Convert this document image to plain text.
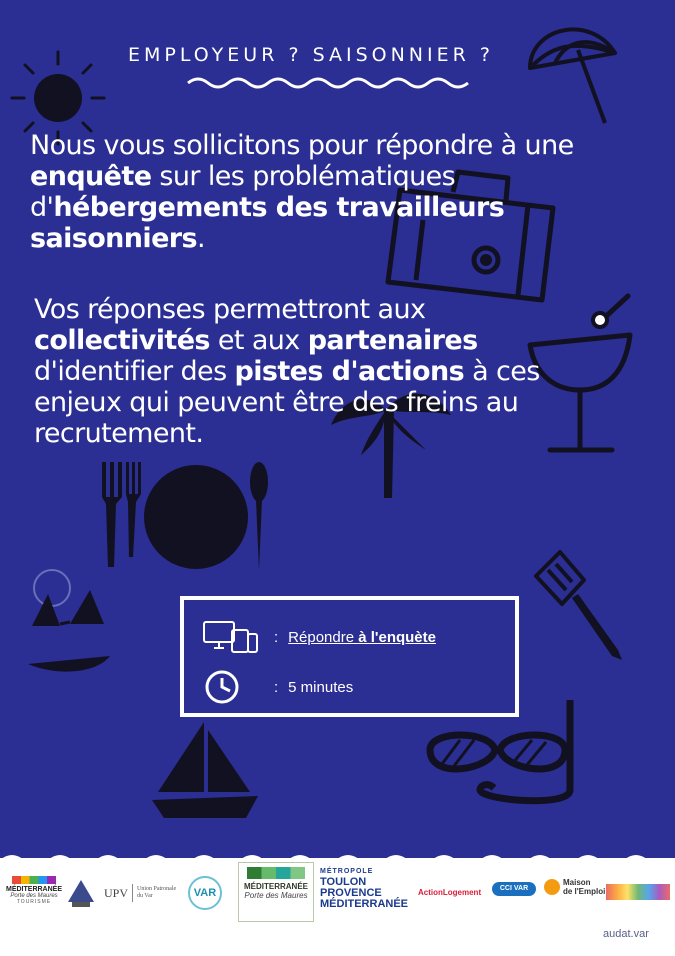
EMPLOYEUR ? SAISONNIER ?

Nous vous sollicitons pour répondre à une enquête sur les problématiques d'hébergements des travailleurs saisonniers.

Vos réponses permettront aux collectivités et aux partenaires d'identifier des pistes d'actions à ces enjeux qui peuvent être des freins au recrutement.

: Répondre à l'enquète
: 5 minutes
MÉDITERRANÉE
Porte des Maures
TOURISME
UPV Union Patronale du Var	VAR
MÉDITERRANÉE
Porte des Maures
MÉTROPOLE
TOULON
PROVENCE
MÉDITERRANÉE
ActionLogement	CCI VAR
Maison
de l'Emploi
audat.var
